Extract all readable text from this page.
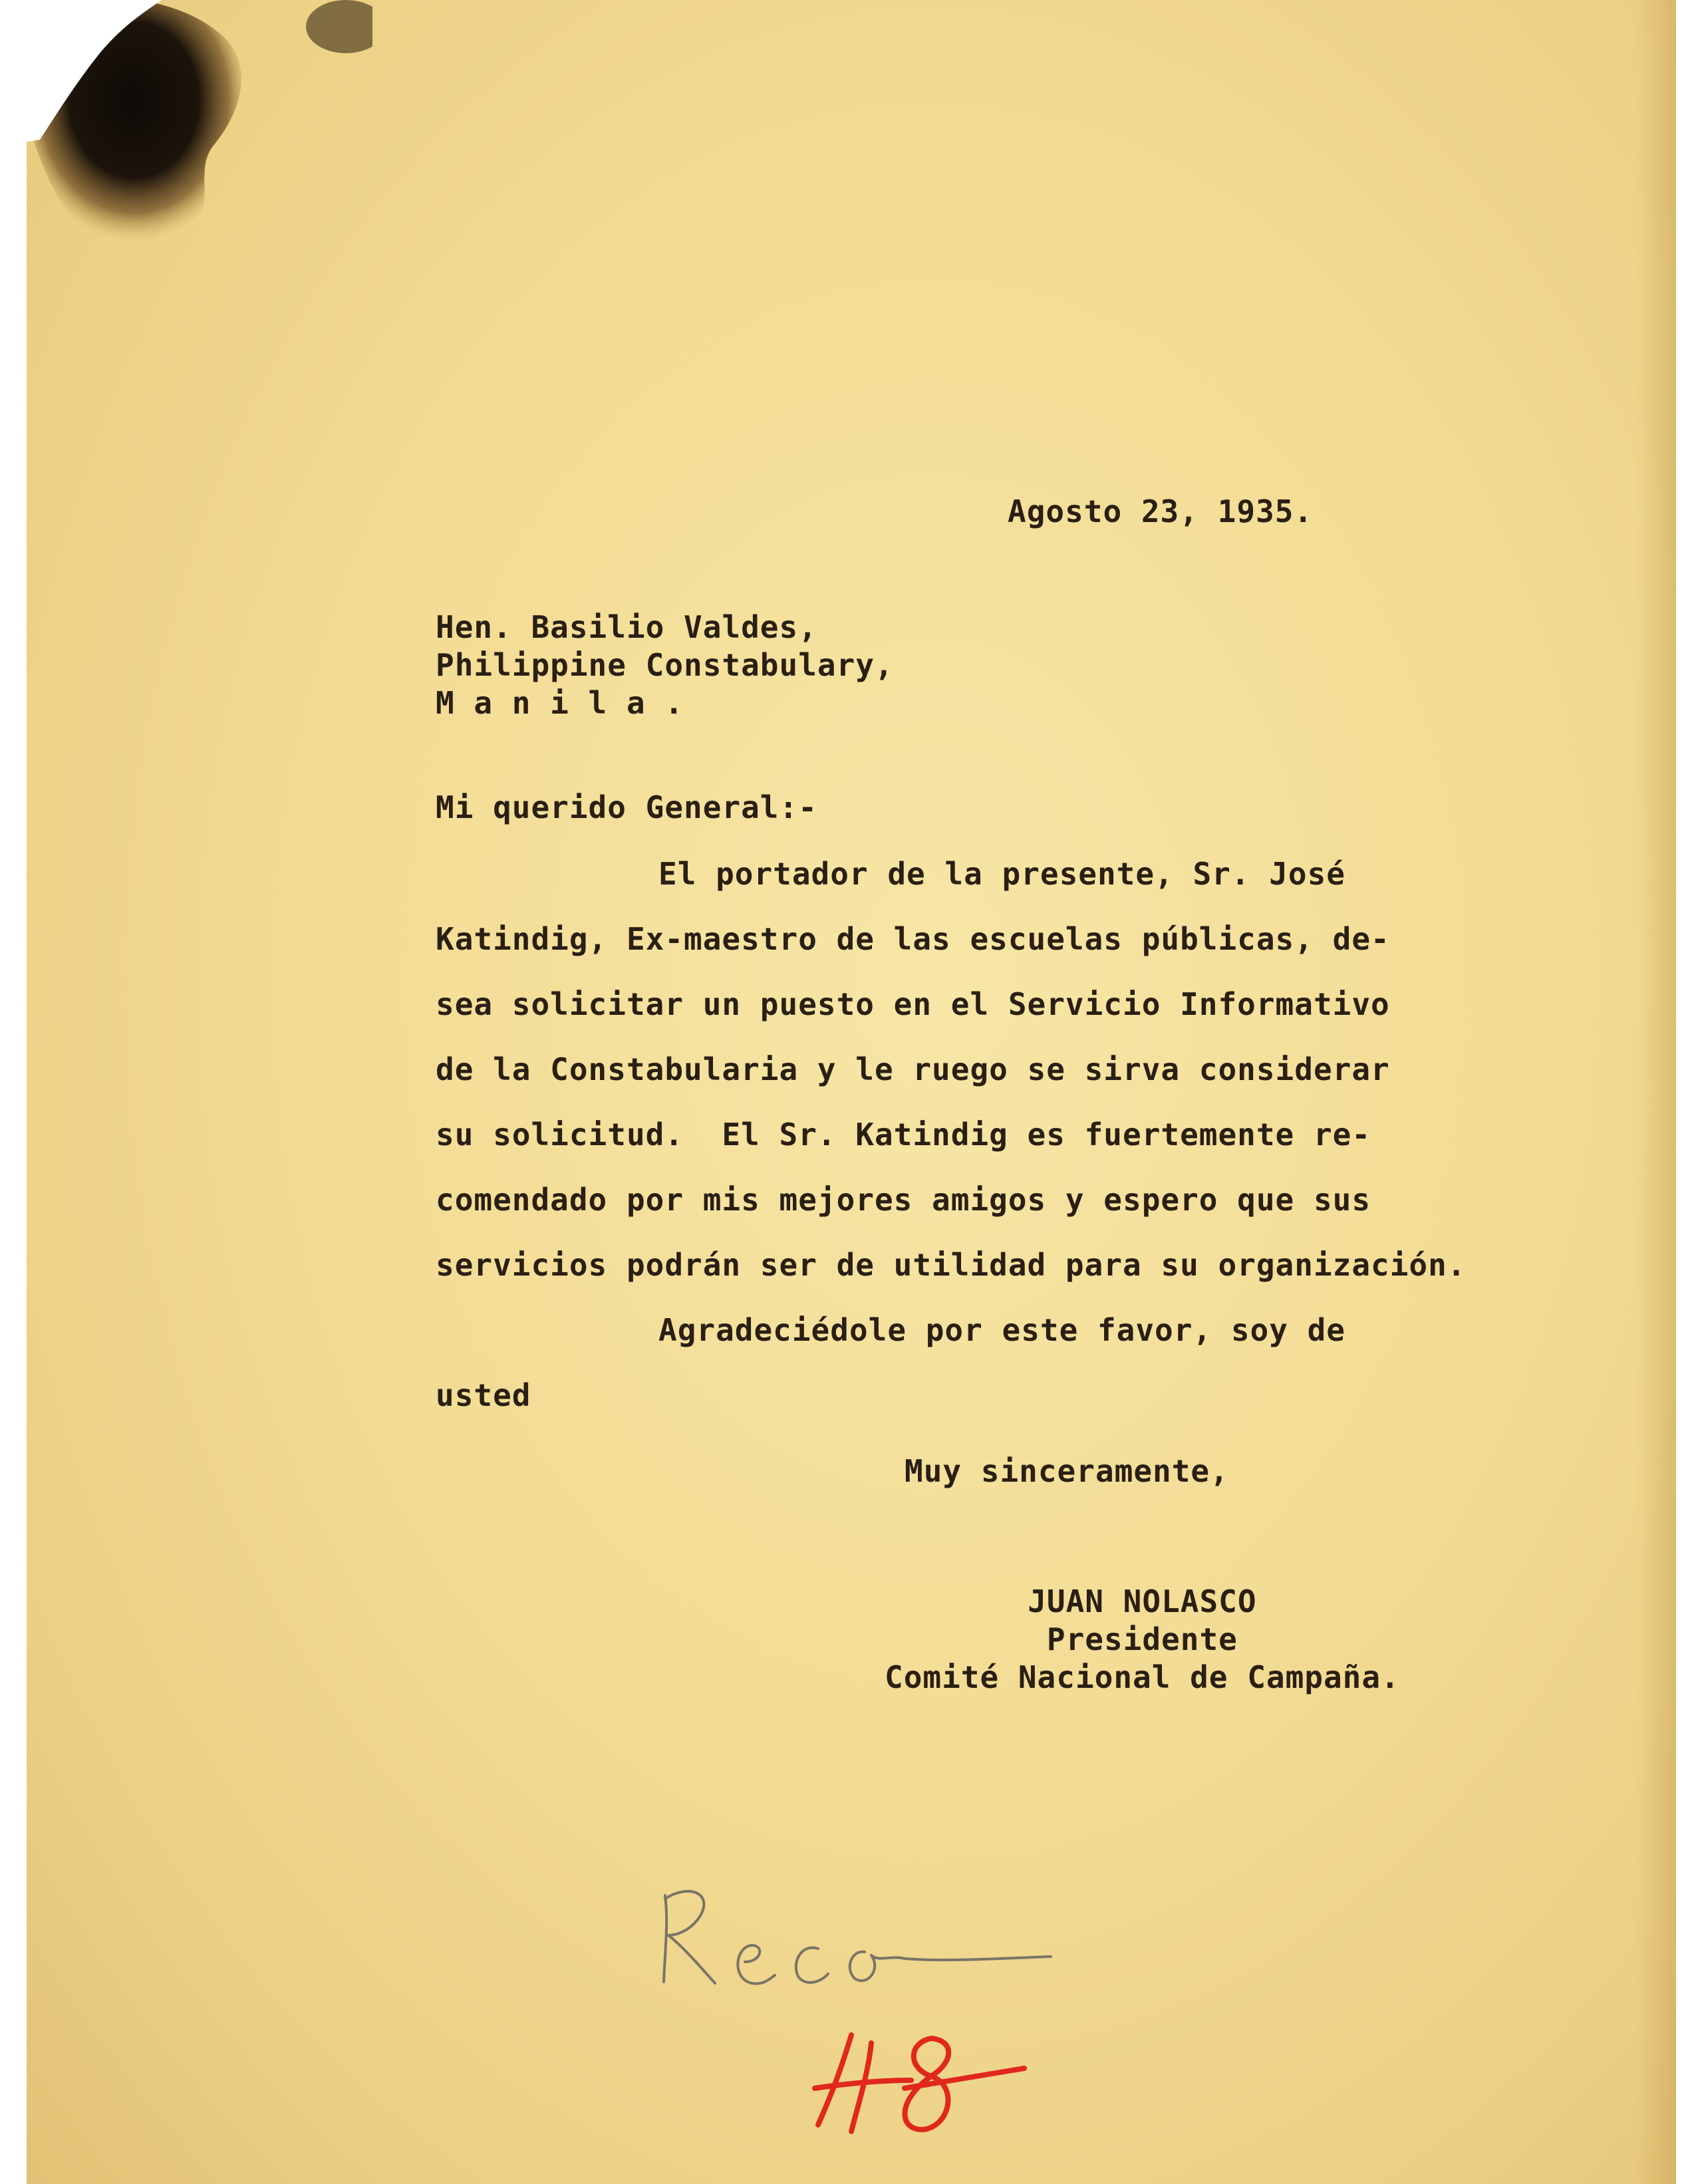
Agosto 23, 1935.
Hen. Basilio Valdes,
Philippine Constabulary,
M a n i l a .
Mi querido General:-
El portador de la presente, Sr. José
Katindig, Ex-maestro de las escuelas públicas, de-
sea solicitar un puesto en el Servicio Informativo
de la Constabularia y le ruego se sirva considerar
su solicitud.  El Sr. Katindig es fuertemente re-
comendado por mis mejores amigos y espero que sus
servicios podrán ser de utilidad para su organización.
Agradeciédole por este favor, soy de
usted
Muy sinceramente,
JUAN NOLASCO
Presidente
Comité Nacional de Campaña.
